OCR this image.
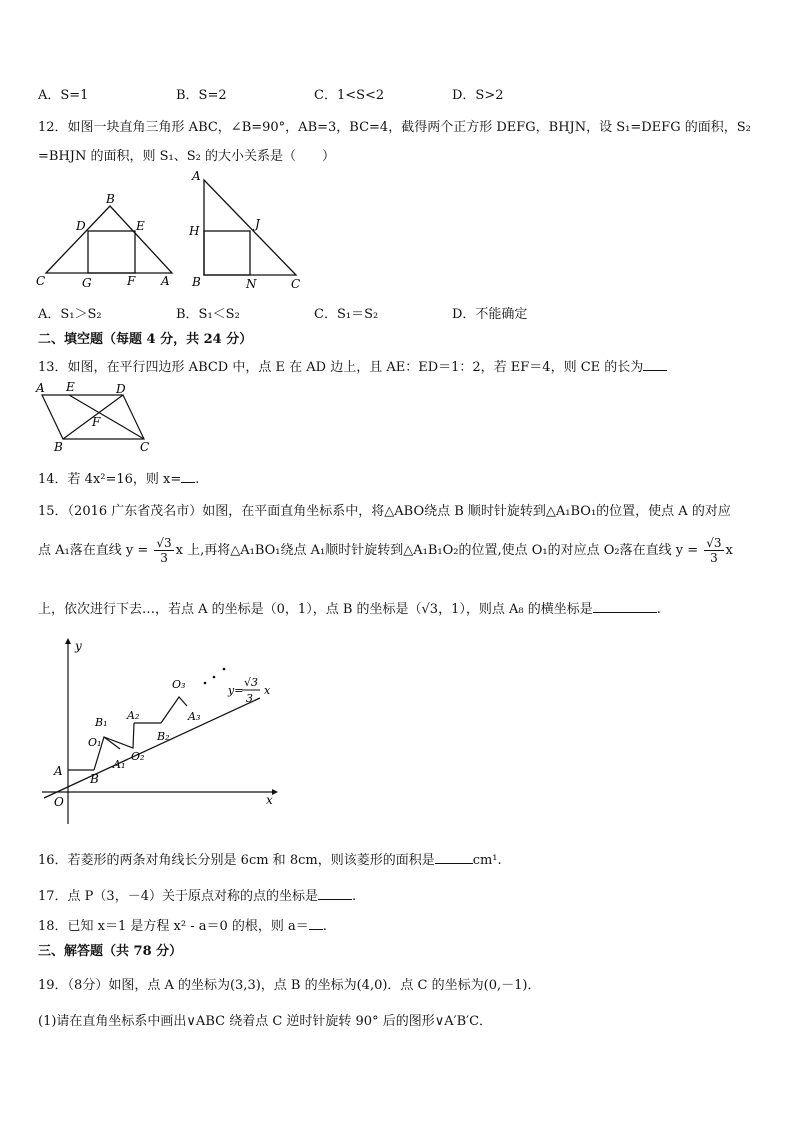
A．S=1	B．S=2	C．1<S<2	D．S>2
12．如图一块直角三角形 ABC，∠B=90°，AB=3，BC=4，截得两个正方形 DEFG，BHJN，设 S₁=DEFG 的面积，S₂
=BHJN 的面积，则 S₁、S₂ 的大小关系是（　　）
B
D	E
C	G	F A
A
H	J
B	N	C
A．S₁＞S₂	B．S₁＜S₂	C．S₁＝S₂	D．不能确定
二、填空题（每题 4 分，共 24 分）
13．如图，在平行四边形 ABCD 中，点 E 在 AD 边上，且 AE：ED＝1：2，若 EF＝4，则 CE 的长为
A E	D
F
B	C
14．若 4x²=16，则 x= .
15．（2016 广东省茂名市）如图，在平面直角坐标系中，将△ABO绕点 B 顺时针旋转到△A₁BO₁的位置，使点 A 的对应
点 A₁落在直线 $y = \frac{√3}{3}$ x 上,再将△A₁BO₁绕点 A₁顺时针旋转到△A₁B₁O₂的位置,使点 O₁的对应点 O₂落在直线 $y = \frac{√3}{3}$ x
上，依次进行下去…，若点 A 的坐标是（0，1），点 B 的坐标是（√3，1），则点 A₈ 的横坐标是	.
y
x
O
A
B
O₁
B₁
A₁
A₂
O₂
B₂
O₃
A₃
y=
√3
3
x
16．若菱形的两条对角线长分别是 6cm 和 8cm，则该菱形的面积是	cm¹.
17．点 P（3，－4）关于原点对称的点的坐标是	.
18．已知 x＝1 是方程 x² - a＝0 的根，则 a＝ .
三、解答题（共 78 分）
19．（8分）如图，点 A 的坐标为(3,3)，点 B 的坐标为(4,0)．点 C 的坐标为(0,－1)．
(1)请在直角坐标系中画出∨ABC 绕着点 C 逆时针旋转 90° 后的图形∨A′B′C．
